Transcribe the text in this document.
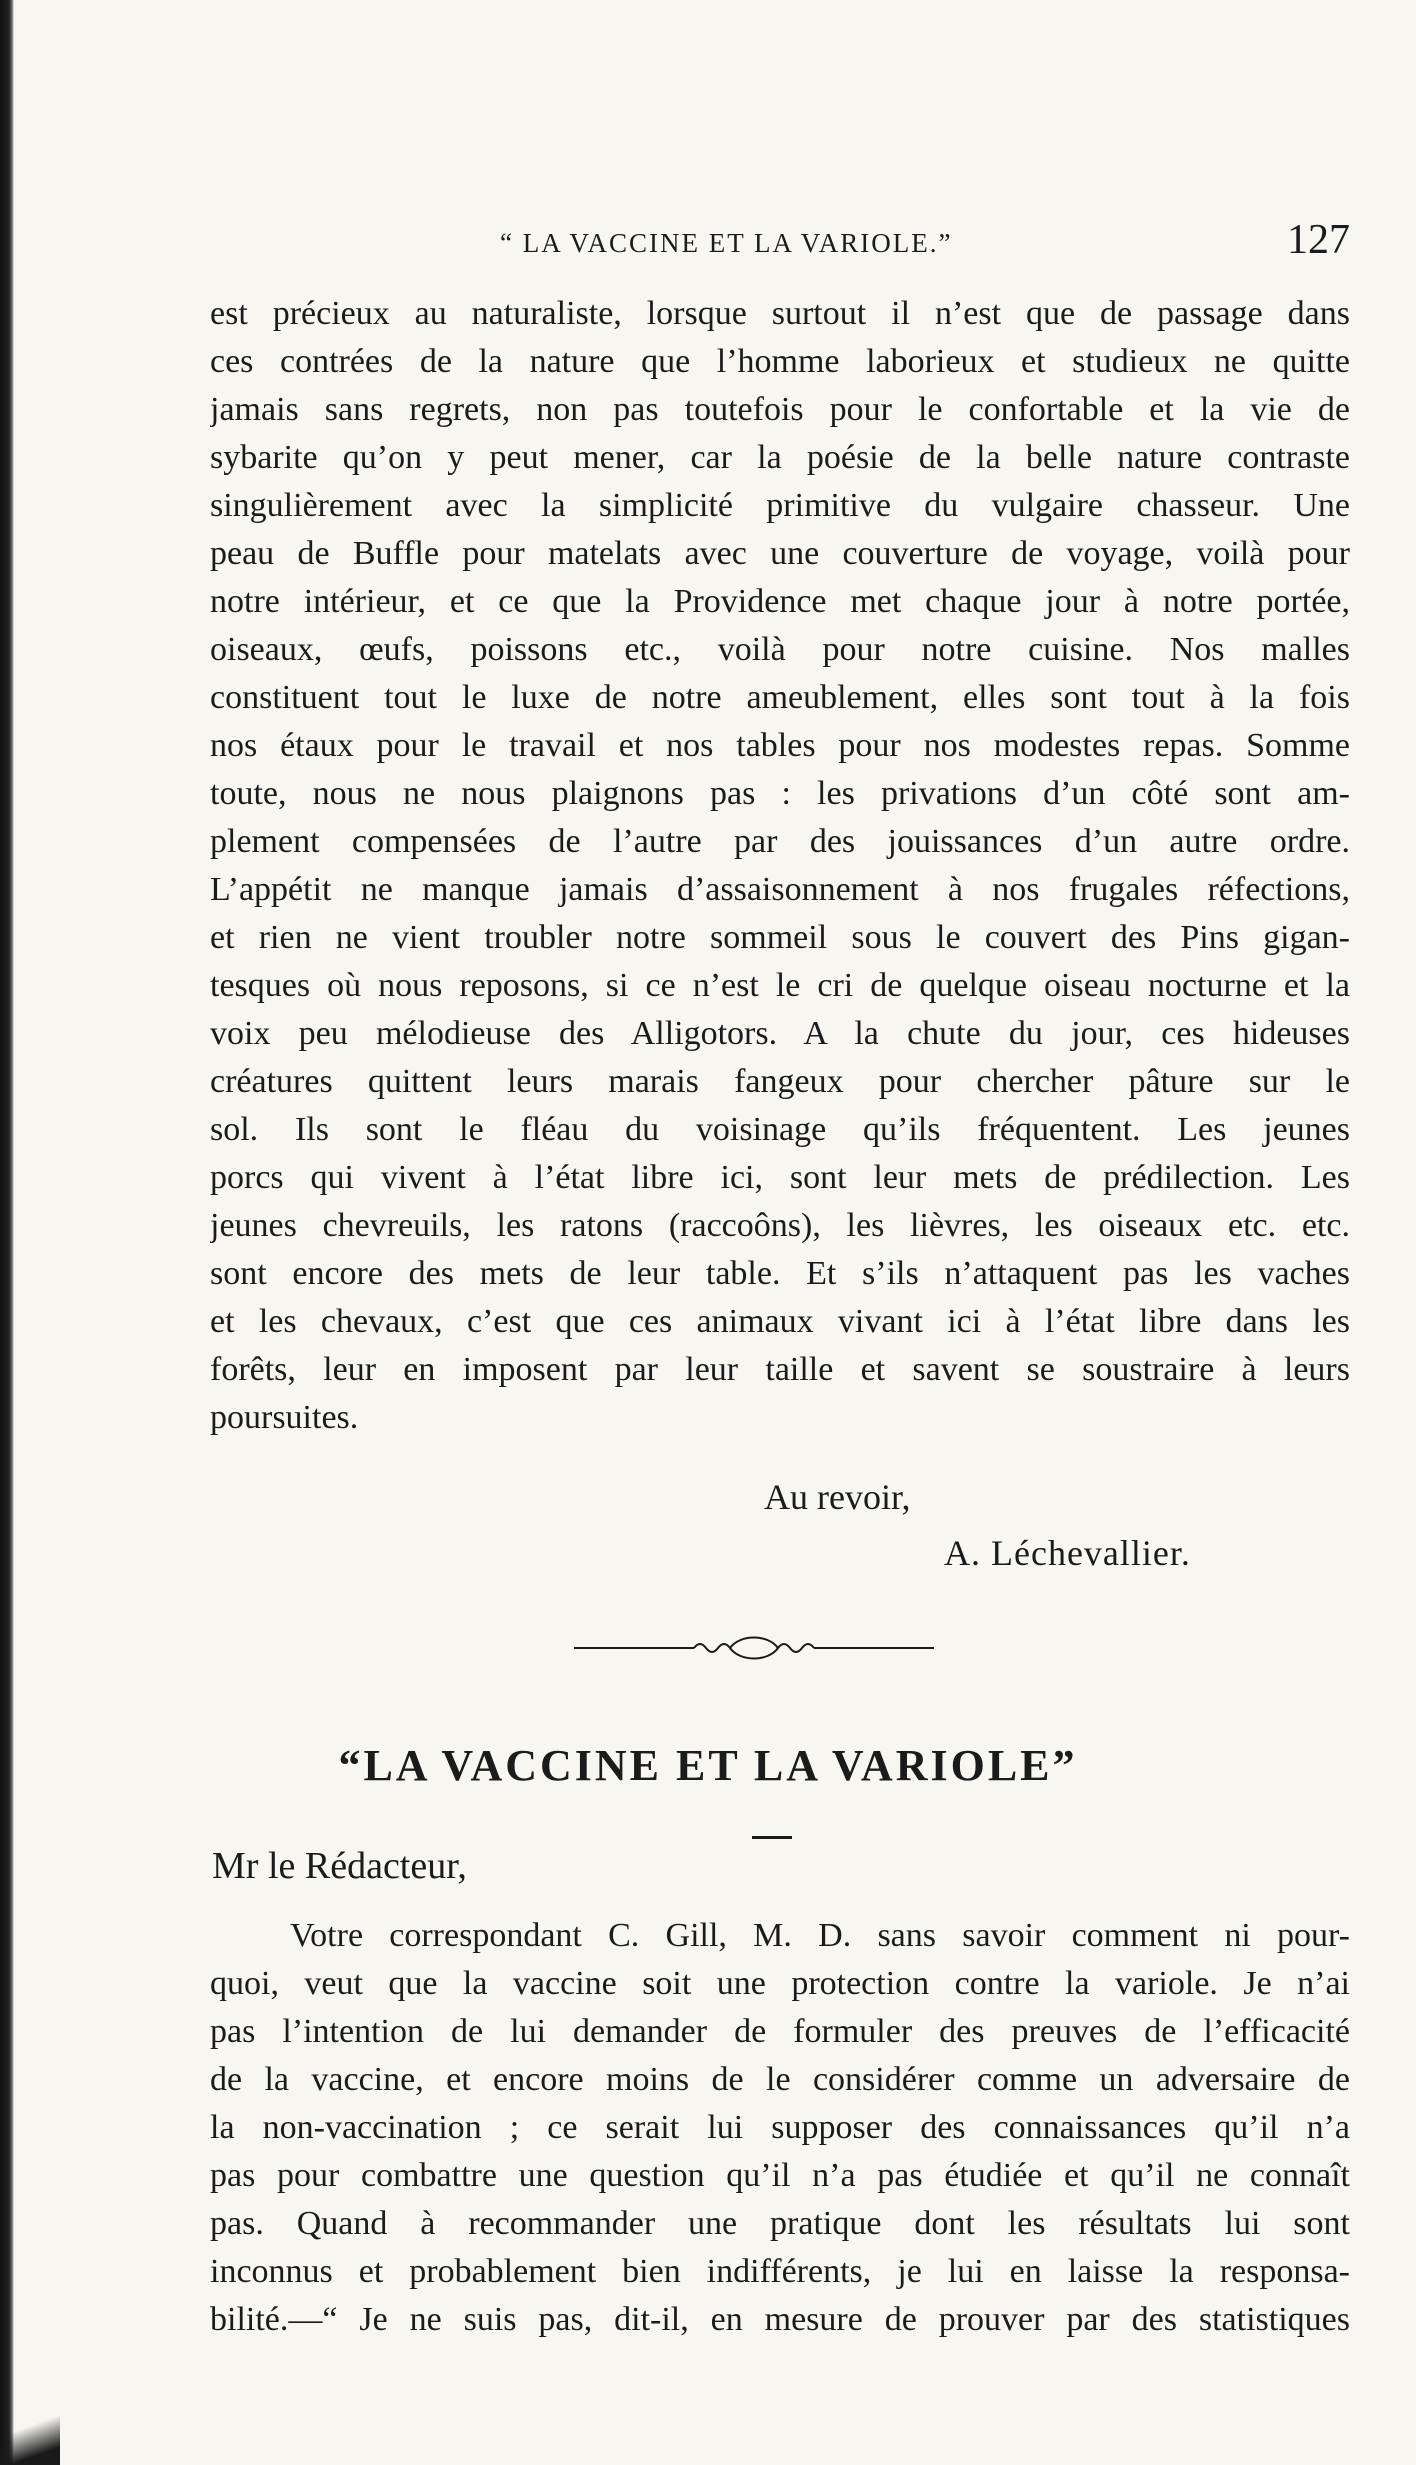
“ LA VACCINE ET LA VARIOLE.”	127
est précieux au naturaliste, lorsque surtout il n’est que de passage dans
ces contrées de la nature que l’homme laborieux et studieux ne quitte
jamais sans regrets, non pas toutefois pour le confortable et la vie de
sybarite qu’on y peut mener, car la poésie de la belle nature contraste
singulièrement avec la simplicité primitive du vulgaire chasseur. Une
peau de Buffle pour matelats avec une couverture de voyage, voilà pour
notre intérieur, et ce que la Providence met chaque jour à notre portée,
oiseaux, œufs, poissons etc., voilà pour notre cuisine. Nos malles
constituent tout le luxe de notre ameublement, elles sont tout à la fois
nos étaux pour le travail et nos tables pour nos modestes repas. Somme
toute, nous ne nous plaignons pas : les privations d’un côté sont am-
plement compensées de l’autre par des jouissances d’un autre ordre.
L’appétit ne manque jamais d’assaisonnement à nos frugales réfections,
et rien ne vient troubler notre sommeil sous le couvert des Pins gigan-
tesques où nous reposons, si ce n’est le cri de quelque oiseau nocturne et la
voix peu mélodieuse des Alligotors. A la chute du jour, ces hideuses
créatures quittent leurs marais fangeux pour chercher pâture sur le
sol. Ils sont le fléau du voisinage qu’ils fréquentent. Les jeunes
porcs qui vivent à l’état libre ici, sont leur mets de prédilection. Les
jeunes chevreuils, les ratons (raccoôns), les lièvres, les oiseaux etc. etc.
sont encore des mets de leur table. Et s’ils n’attaquent pas les vaches
et les chevaux, c’est que ces animaux vivant ici à l’état libre dans les
forêts, leur en imposent par leur taille et savent se soustraire à leurs
poursuites.
Au revoir,
A. Léchevallier.
“LA VACCINE ET LA VARIOLE”
Mr le Rédacteur,
Votre correspondant C. Gill, M. D. sans savoir comment ni pour-
quoi, veut que la vaccine soit une protection contre la variole. Je n’ai
pas l’intention de lui demander de formuler des preuves de l’efficacité
de la vaccine, et encore moins de le considérer comme un adversaire de
la non-vaccination ; ce serait lui supposer des connaissances qu’il n’a
pas pour combattre une question qu’il n’a pas étudiée et qu’il ne connaît
pas. Quand à recommander une pratique dont les résultats lui sont
inconnus et probablement bien indifférents, je lui en laisse la responsa-
bilité.—“ Je ne suis pas, dit-il, en mesure de prouver par des statistiques
